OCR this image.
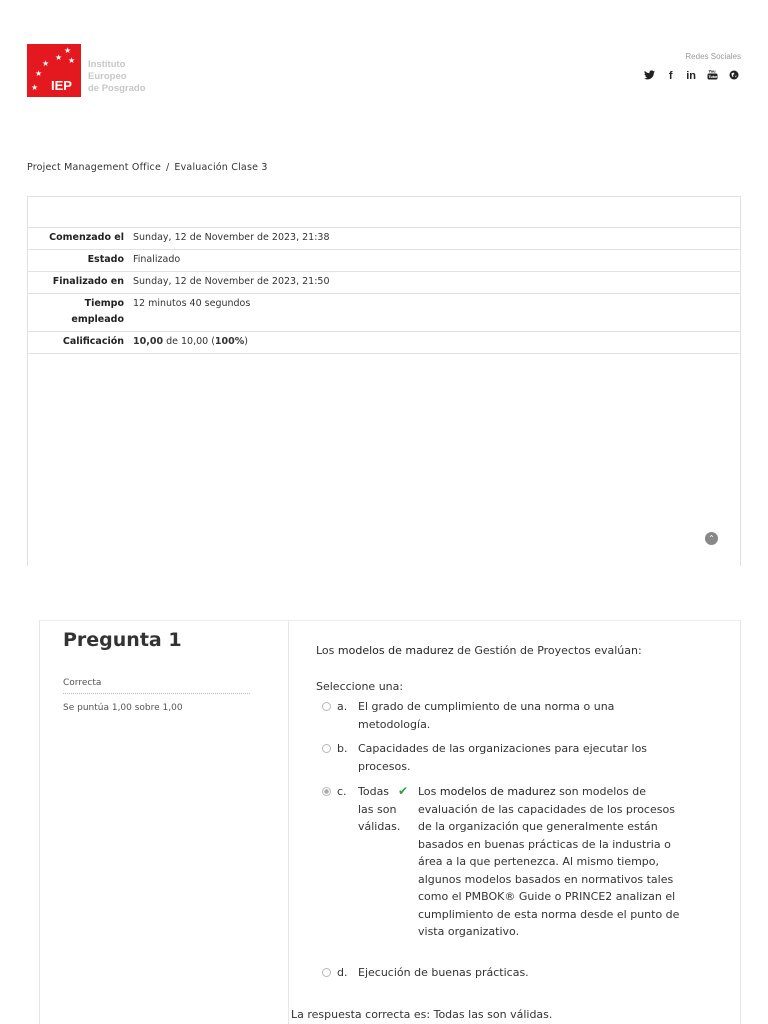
★
★ ★
★
★
★ IEP
Instituto
Europeo
de Posgrado
Redes Sociales
f in You
Tube
Project Management Office / Evaluación Clase 3
Comenzado el	Sunday, 12 de November de 2023, 21:38
Estado	Finalizado
Finalizado en	Sunday, 12 de November de 2023, 21:50
Tiempo empleado	12 minutos 40 segundos
Calificación	10,00 de 10,00 (100%)
⌃
Pregunta 1
Correcta
Se puntúa 1,00 sobre 1,00
Los modelos de madurez de Gestión de Proyectos evalúan:
Seleccione una:
a. El grado de cumplimiento de una norma o una metodología.
b. Capacidades de las organizaciones para ejecutar los procesos.
c.	Todas las son válidas.
✔ Los modelos de madurez son modelos de evaluación de las capacidades de los procesos de la organización que generalmente están basados en buenas prácticas de la industria o área a la que pertenezca. Al mismo tiempo, algunos modelos basados en normativos tales como el PMBOK® Guide o PRINCE2 analizan el cumplimiento de esta norma desde el punto de vista organizativo.
d. Ejecución de buenas prácticas.
La respuesta correcta es: Todas las son válidas.
